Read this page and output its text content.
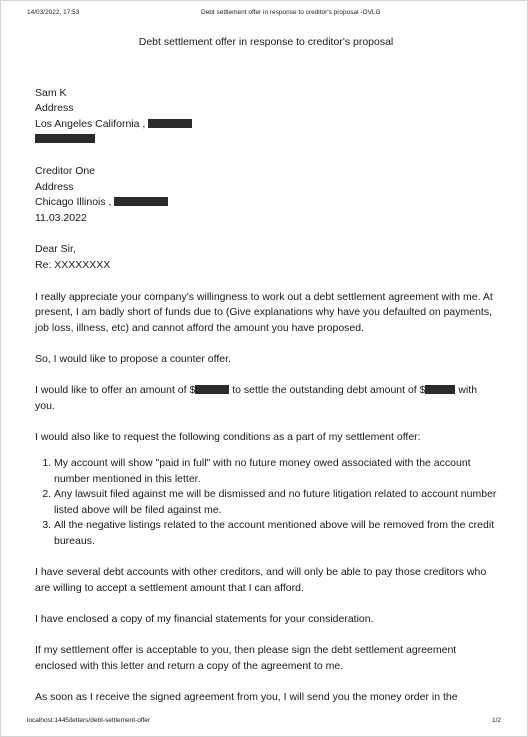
14/03/2022, 17:53	Debt settlement offer in response to creditor's proposal -OVLG
Debt settlement offer in response to creditor's proposal

Sam K

Address

Los Angeles California ,

Creditor One

Address

Chicago Illinois ,

11.03.2022

Dear Sir,

Re: XXXXXXXX

I really appreciate your company's willingness to work out a debt settlement agreement with me. At present, I am badly short of funds due to (Give explanations why have you defaulted on payments, job loss, illness, etc) and cannot afford the amount you have proposed.

So, I would like to propose a counter offer.

I would like to offer an amount of $	to settle the outstanding debt amount of $	with you.

I would also like to request the following conditions as a part of my settlement offer:

1. My account will show "paid in full" with no future money owed associated with the account number mentioned in this letter.
2. Any lawsuit filed against me will be dismissed and no future litigation related to account number listed above will be filed against me.
3. All the negative listings related to the account mentioned above will be removed from the credit bureaus.

I have several debt accounts with other creditors, and will only be able to pay those creditors who are willing to accept a settlement amount that I can afford.

I have enclosed a copy of my financial statements for your consideration.

If my settlement offer is acceptable to you, then please sign the debt settlement agreement enclosed with this letter and return a copy of the agreement to me.

As soon as I receive the signed agreement from you, I will send you the money order in the

localhost:1445/letters/debt-settlement-offer	1/2
